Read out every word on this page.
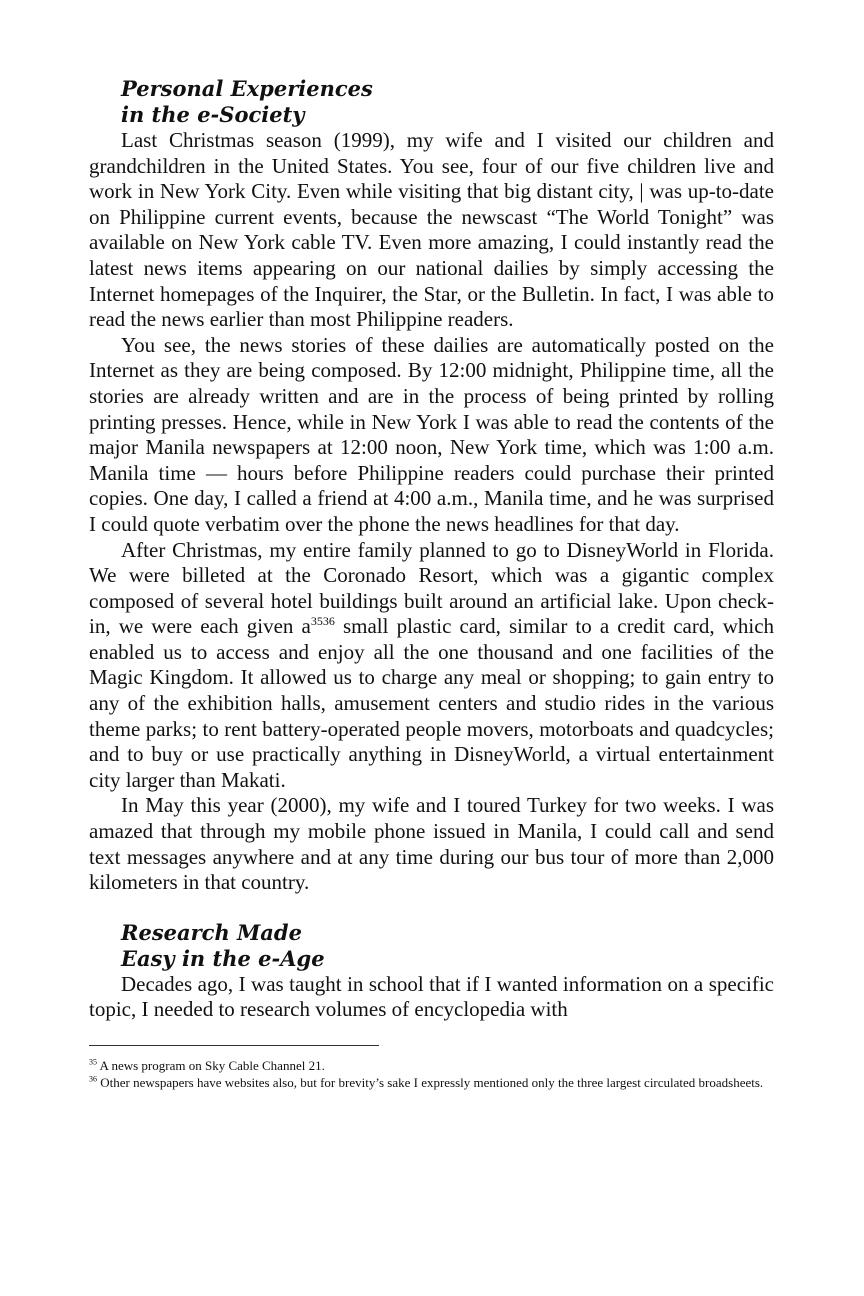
Personal Experiences
in the e-Society

Last Christmas season (1999), my wife and I visited our children and grandchildren in the United States. You see, four of our five children live and work in New York City. Even while visiting that big distant city, | was up-to-date on Philippine current events, because the newscast “The World Tonight” was available on New York cable TV. Even more amazing, I could instantly read the latest news items appearing on our national dailies by simply accessing the Internet homepages of the Inquirer, the Star, or the Bulletin. In fact, I was able to read the news earlier than most Philippine readers.

You see, the news stories of these dailies are automatically posted on the Internet as they are being composed. By 12:00 midnight, Philippine time, all the stories are already written and are in the process of being printed by rolling printing presses. Hence, while in New York I was able to read the contents of the major Manila newspapers at 12:00 noon, New York time, which was 1:00 a.m. Manila time — hours before Philippine readers could purchase their printed copies. One day, I called a friend at 4:00 a.m., Manila time, and he was surprised I could quote verbatim over the phone the news headlines for that day.

After Christmas, my entire family planned to go to DisneyWorld in Florida. We were billeted at the Coronado Resort, which was a gigantic complex composed of several hotel buildings built around an artificial lake. Upon check-in, we were each given $a^{3536}$ small plastic card, similar to a credit card, which enabled us to access and enjoy all the one thousand and one facilities of the Magic Kingdom. It allowed us to charge any meal or shopping; to gain entry to any of the exhibition halls, amusement centers and studio rides in the various theme parks; to rent battery-operated people movers, motorboats and quadcycles; and to buy or use practically anything in DisneyWorld, a virtual entertainment city larger than Makati.

In May this year (2000), my wife and I toured Turkey for two weeks. I was amazed that through my mobile phone issued in Manila, I could call and send text messages anywhere and at any time during our bus tour of more than 2,000 kilometers in that country.

Research Made
Easy in the e-Age

Decades ago, I was taught in school that if I wanted information on a specific topic, I needed to research volumes of encyclopedia with

$^{35}$ A news program on Sky Cable Channel 21.

$^{36}$ Other newspapers have websites also, but for brevity’s sake I expressly mentioned only the three largest circulated broadsheets.
